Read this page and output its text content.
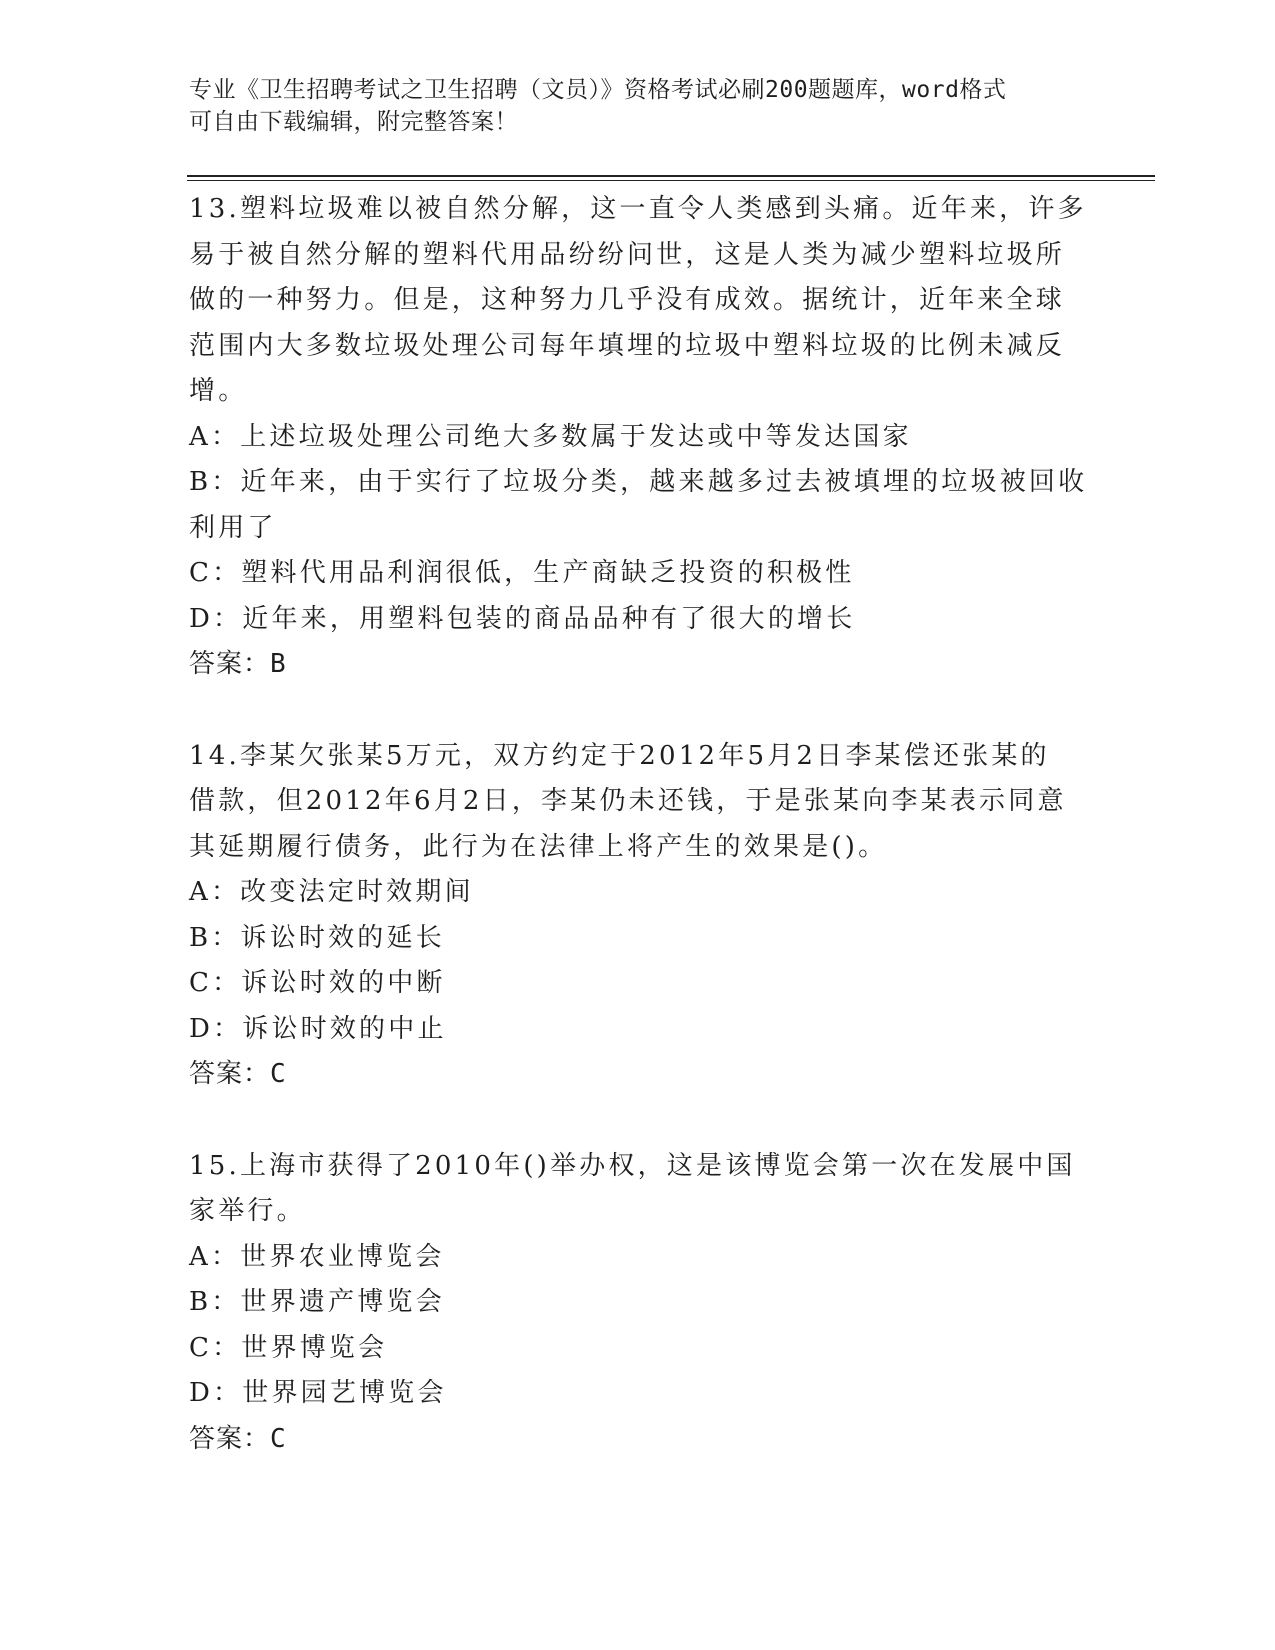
专业《卫生招聘考试之卫生招聘（文员）》资格考试必刷200题题库，word格式
可自由下载编辑，附完整答案！
13.塑料垃圾难以被自然分解，这一直令人类感到头痛。近年来，许多
易于被自然分解的塑料代用品纷纷问世，这是人类为减少塑料垃圾所
做的一种努力。但是，这种努力几乎没有成效。据统计，近年来全球
范围内大多数垃圾处理公司每年填埋的垃圾中塑料垃圾的比例未减反
增。
A：上述垃圾处理公司绝大多数属于发达或中等发达国家
B：近年来，由于实行了垃圾分类，越来越多过去被填埋的垃圾被回收
利用了
C：塑料代用品利润很低，生产商缺乏投资的积极性
D：近年来，用塑料包装的商品品种有了很大的增长
答案：B
14.李某欠张某5万元，双方约定于2012年5月2日李某偿还张某的
借款，但2012年6月2日，李某仍未还钱，于是张某向李某表示同意
其延期履行债务，此行为在法律上将产生的效果是()。
A：改变法定时效期间
B：诉讼时效的延长
C：诉讼时效的中断
D：诉讼时效的中止
答案：C
15.上海市获得了2010年()举办权，这是该博览会第一次在发展中国
家举行。
A：世界农业博览会
B：世界遗产博览会
C：世界博览会
D：世界园艺博览会
答案：C
